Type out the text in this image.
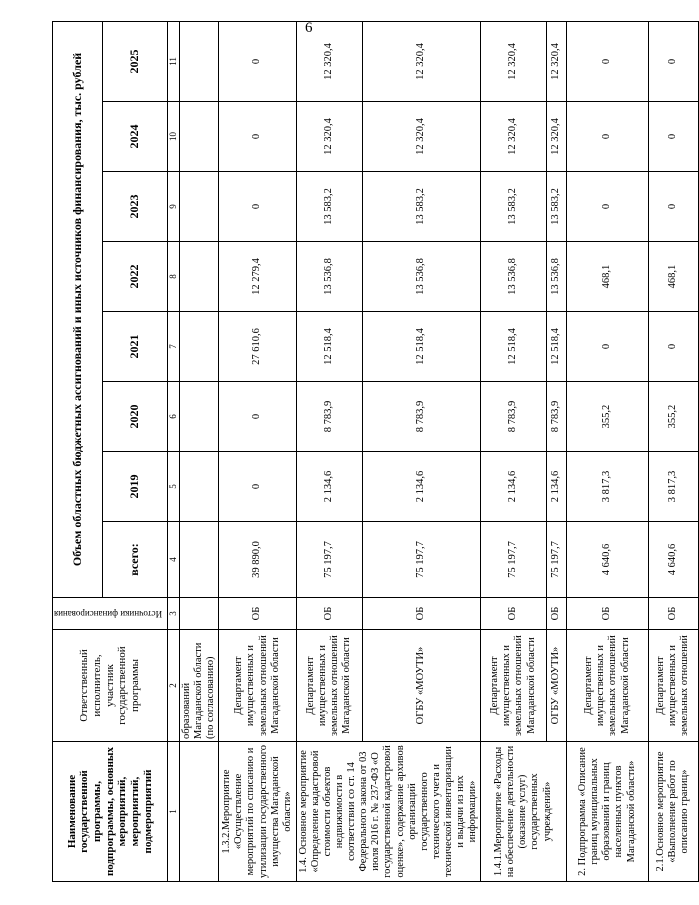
6
Наименование государственной программы, подпрограммы, основных мероприятий, мероприятий, подмероприятий	Ответственный исполнитель, участник государственной программы	Источники финансирования	Объем областных бюджетных ассигнований и иных источников финансирования, тыс. рублей							
			всего:	2019	2020	2021	2022	2023	2024	2025
1	2	3	4	5	6	7	8	9	10	11
	образований Магаданской области (по согласованию)									
1.3.2.Мероприятие «Осуществление мероприятий по списанию и утилизации государственного имущества Магаданской области»	Департамент имущественных и земельных отношений Магаданской области	ОБ	39 890,0	0	0	27 610,6	12 279,4	0	0	0
1.4. Основное мероприятие «Определение кадастровой стоимости объектов недвижимости в соответствии со ст. 14 Федерального закона от 03 июля 2016 г. № 237-ФЗ «О государственной кадастровой оценке», содержание архивов организаций государственного технического учета и технической инвентаризации и выдачи из них информации»	Департамент имущественных и земельных отношений Магаданской области	ОБ	75 197,7	2 134,6	8 783,9	12 518,4	13 536,8	13 583,2	12 320,4	12 320,4
	ОГБУ «МОУТИ»	ОБ	75 197,7	2 134,6	8 783,9	12 518,4	13 536,8	13 583,2	12 320,4	12 320,4
1.4.1.Мероприятие «Расходы на обеспечение деятельности (оказание услуг) государственных учреждений»	Департамент имущественных и земельных отношений Магаданской области	ОБ	75 197,7	2 134,6	8 783,9	12 518,4	13 536,8	13 583,2	12 320,4	12 320,4
	ОГБУ «МОУТИ»	ОБ	75 197,7	2 134,6	8 783,9	12 518,4	13 536,8	13 583,2	12 320,4	12 320,4
2. Подпрограмма «Описание границ муниципальных образований и границ населенных пунктов Магаданской области»	Департамент имущественных и земельных отношений Магаданской области	ОБ	4 640,6	3 817,3	355,2	0	468,1	0	0	0
2.1.Основное мероприятие «Выполнение работ по описанию границ»	Департамент имущественных и земельных отношений	ОБ	4 640,6	3 817,3	355,2	0	468,1	0	0	0
